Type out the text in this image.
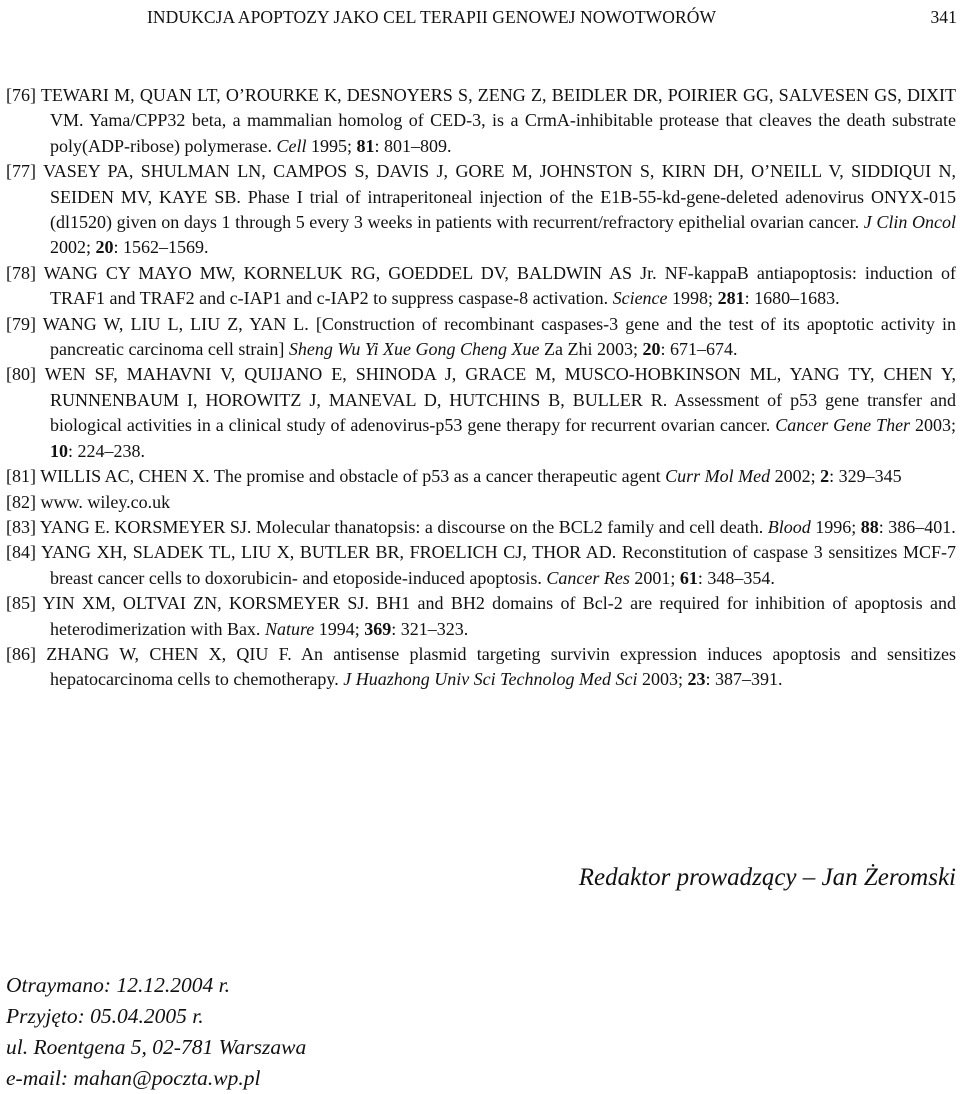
INDUKCJA APOPTOZY JAKO CEL TERAPII GENOWEJ NOWOTWORÓW	341
[76] TEWARI M, QUAN LT, O’ROURKE K, DESNOYERS S, ZENG Z, BEIDLER DR, POIRIER GG, SALVESEN GS, DIXIT VM. Yama/CPP32 beta, a mammalian homolog of CED-3, is a CrmA-inhibitable protease that cleaves the death substrate poly(ADP-ribose) polymerase. Cell 1995; 81: 801–809.
[77] VASEY PA, SHULMAN LN, CAMPOS S, DAVIS J, GORE M, JOHNSTON S, KIRN DH, O’NEILL V, SIDDIQUI N, SEIDEN MV, KAYE SB. Phase I trial of intraperitoneal injection of the E1B-55-kd-gene-deleted adenovirus ONYX-015 (dl1520) given on days 1 through 5 every 3 weeks in patients with recurrent/refractory epithelial ovarian cancer. J Clin Oncol 2002; 20: 1562–1569.
[78] WANG CY MAYO MW, KORNELUK RG, GOEDDEL DV, BALDWIN AS Jr. NF-kappaB antiapoptosis: induction of TRAF1 and TRAF2 and c-IAP1 and c-IAP2 to suppress caspase-8 activation. Science 1998; 281: 1680–1683.
[79] WANG W, LIU L, LIU Z, YAN L. [Construction of recombinant caspases-3 gene and the test of its apoptotic activity in pancreatic carcinoma cell strain] Sheng Wu Yi Xue Gong Cheng Xue Za Zhi 2003; 20: 671–674.
[80] WEN SF, MAHAVNI V, QUIJANO E, SHINODA J, GRACE M, MUSCO-HOBKINSON ML, YANG TY, CHEN Y, RUNNENBAUM I, HOROWITZ J, MANEVAL D, HUTCHINS B, BULLER R. Assessment of p53 gene transfer and biological activities in a clinical study of adenovirus-p53 gene therapy for recurrent ovarian cancer. Cancer Gene Ther 2003; 10: 224–238.
[81] WILLIS AC, CHEN X. The promise and obstacle of p53 as a cancer therapeutic agent Curr Mol Med 2002; 2: 329–345
[82] www. wiley.co.uk
[83] YANG E. KORSMEYER SJ. Molecular thanatopsis: a discourse on the BCL2 family and cell death. Blood 1996; 88: 386–401.
[84] YANG XH, SLADEK TL, LIU X, BUTLER BR, FROELICH CJ, THOR AD. Reconstitution of caspase 3 sensitizes MCF-7 breast cancer cells to doxorubicin- and etoposide-induced apoptosis. Cancer Res 2001; 61: 348–354.
[85] YIN XM, OLTVAI ZN, KORSMEYER SJ. BH1 and BH2 domains of Bcl-2 are required for inhibition of apoptosis and heterodimerization with Bax. Nature 1994; 369: 321–323.
[86] ZHANG W, CHEN X, QIU F. An antisense plasmid targeting survivin expression induces apoptosis and sensitizes hepatocarcinoma cells to chemotherapy. J Huazhong Univ Sci Technolog Med Sci 2003; 23: 387–391.
Redaktor prowadzący – Jan Żeromski
Otraymano: 12.12.2004 r.
Przyjęto: 05.04.2005 r.
ul. Roentgena 5, 02-781 Warszawa
e-mail: mahan@poczta.wp.pl
